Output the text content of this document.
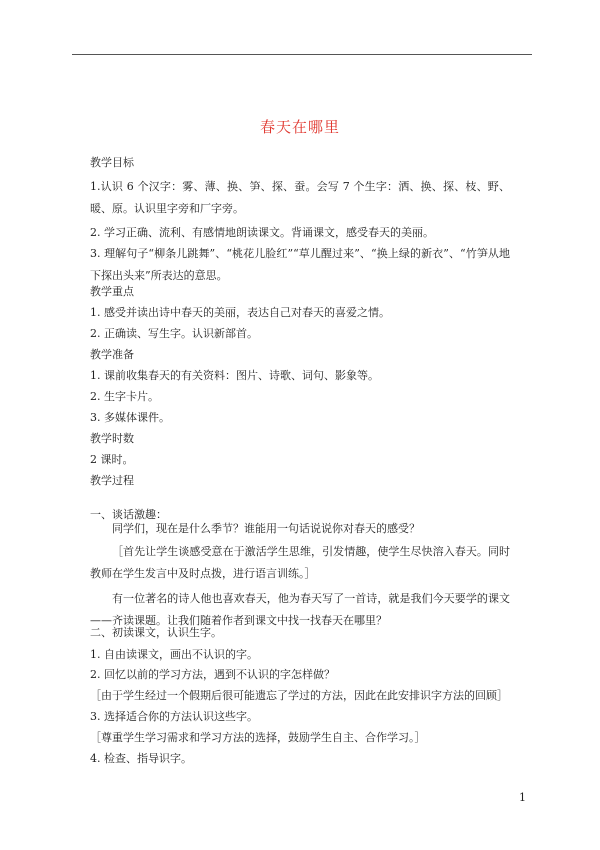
春天在哪里
教学目标
1.认识 6 个汉字：雾、薄、换、笋、探、蚕。会写 7 个生字：洒、换、探、枝、野、暖、原。认识里字旁和厂字旁。
2. 学习正确、流利、有感情地朗读课文。背诵课文，感受春天的美丽。
3. 理解句子“柳条儿跳舞”、“桃花儿脸红”“草儿醒过来”、“换上绿的新衣”、“竹笋从地下探出头来”所表达的意思。
教学重点
1. 感受并读出诗中春天的美丽，表达自己对春天的喜爱之情。
2. 正确读、写生字。认识新部首。
教学准备
1. 课前收集春天的有关资料：图片、诗歌、词句、影象等。
2. 生字卡片。
3. 多媒体课件。
教学时数
2 课时。
教学过程
一、谈话激趣：
同学们，现在是什么季节？谁能用一句话说说你对春天的感受？
［首先让学生谈感受意在于激活学生思维，引发情趣，使学生尽快溶入春天。同时教师在学生发言中及时点拨，进行语言训练。］
有一位著名的诗人他也喜欢春天，他为春天写了一首诗，就是我们今天要学的课文——齐读课题。让我们随着作者到课文中找一找春天在哪里？
二、初读课文，认识生字。
1. 自由读课文，画出不认识的字。
2. 回忆以前的学习方法，遇到不认识的字怎样做？
［由于学生经过一个假期后很可能遗忘了学过的方法，因此在此安排识字方法的回顾］
3. 选择适合你的方法认识这些字。
［尊重学生学习需求和学习方法的选择，鼓励学生自主、合作学习。］
4. 检查、指导识字。
1
